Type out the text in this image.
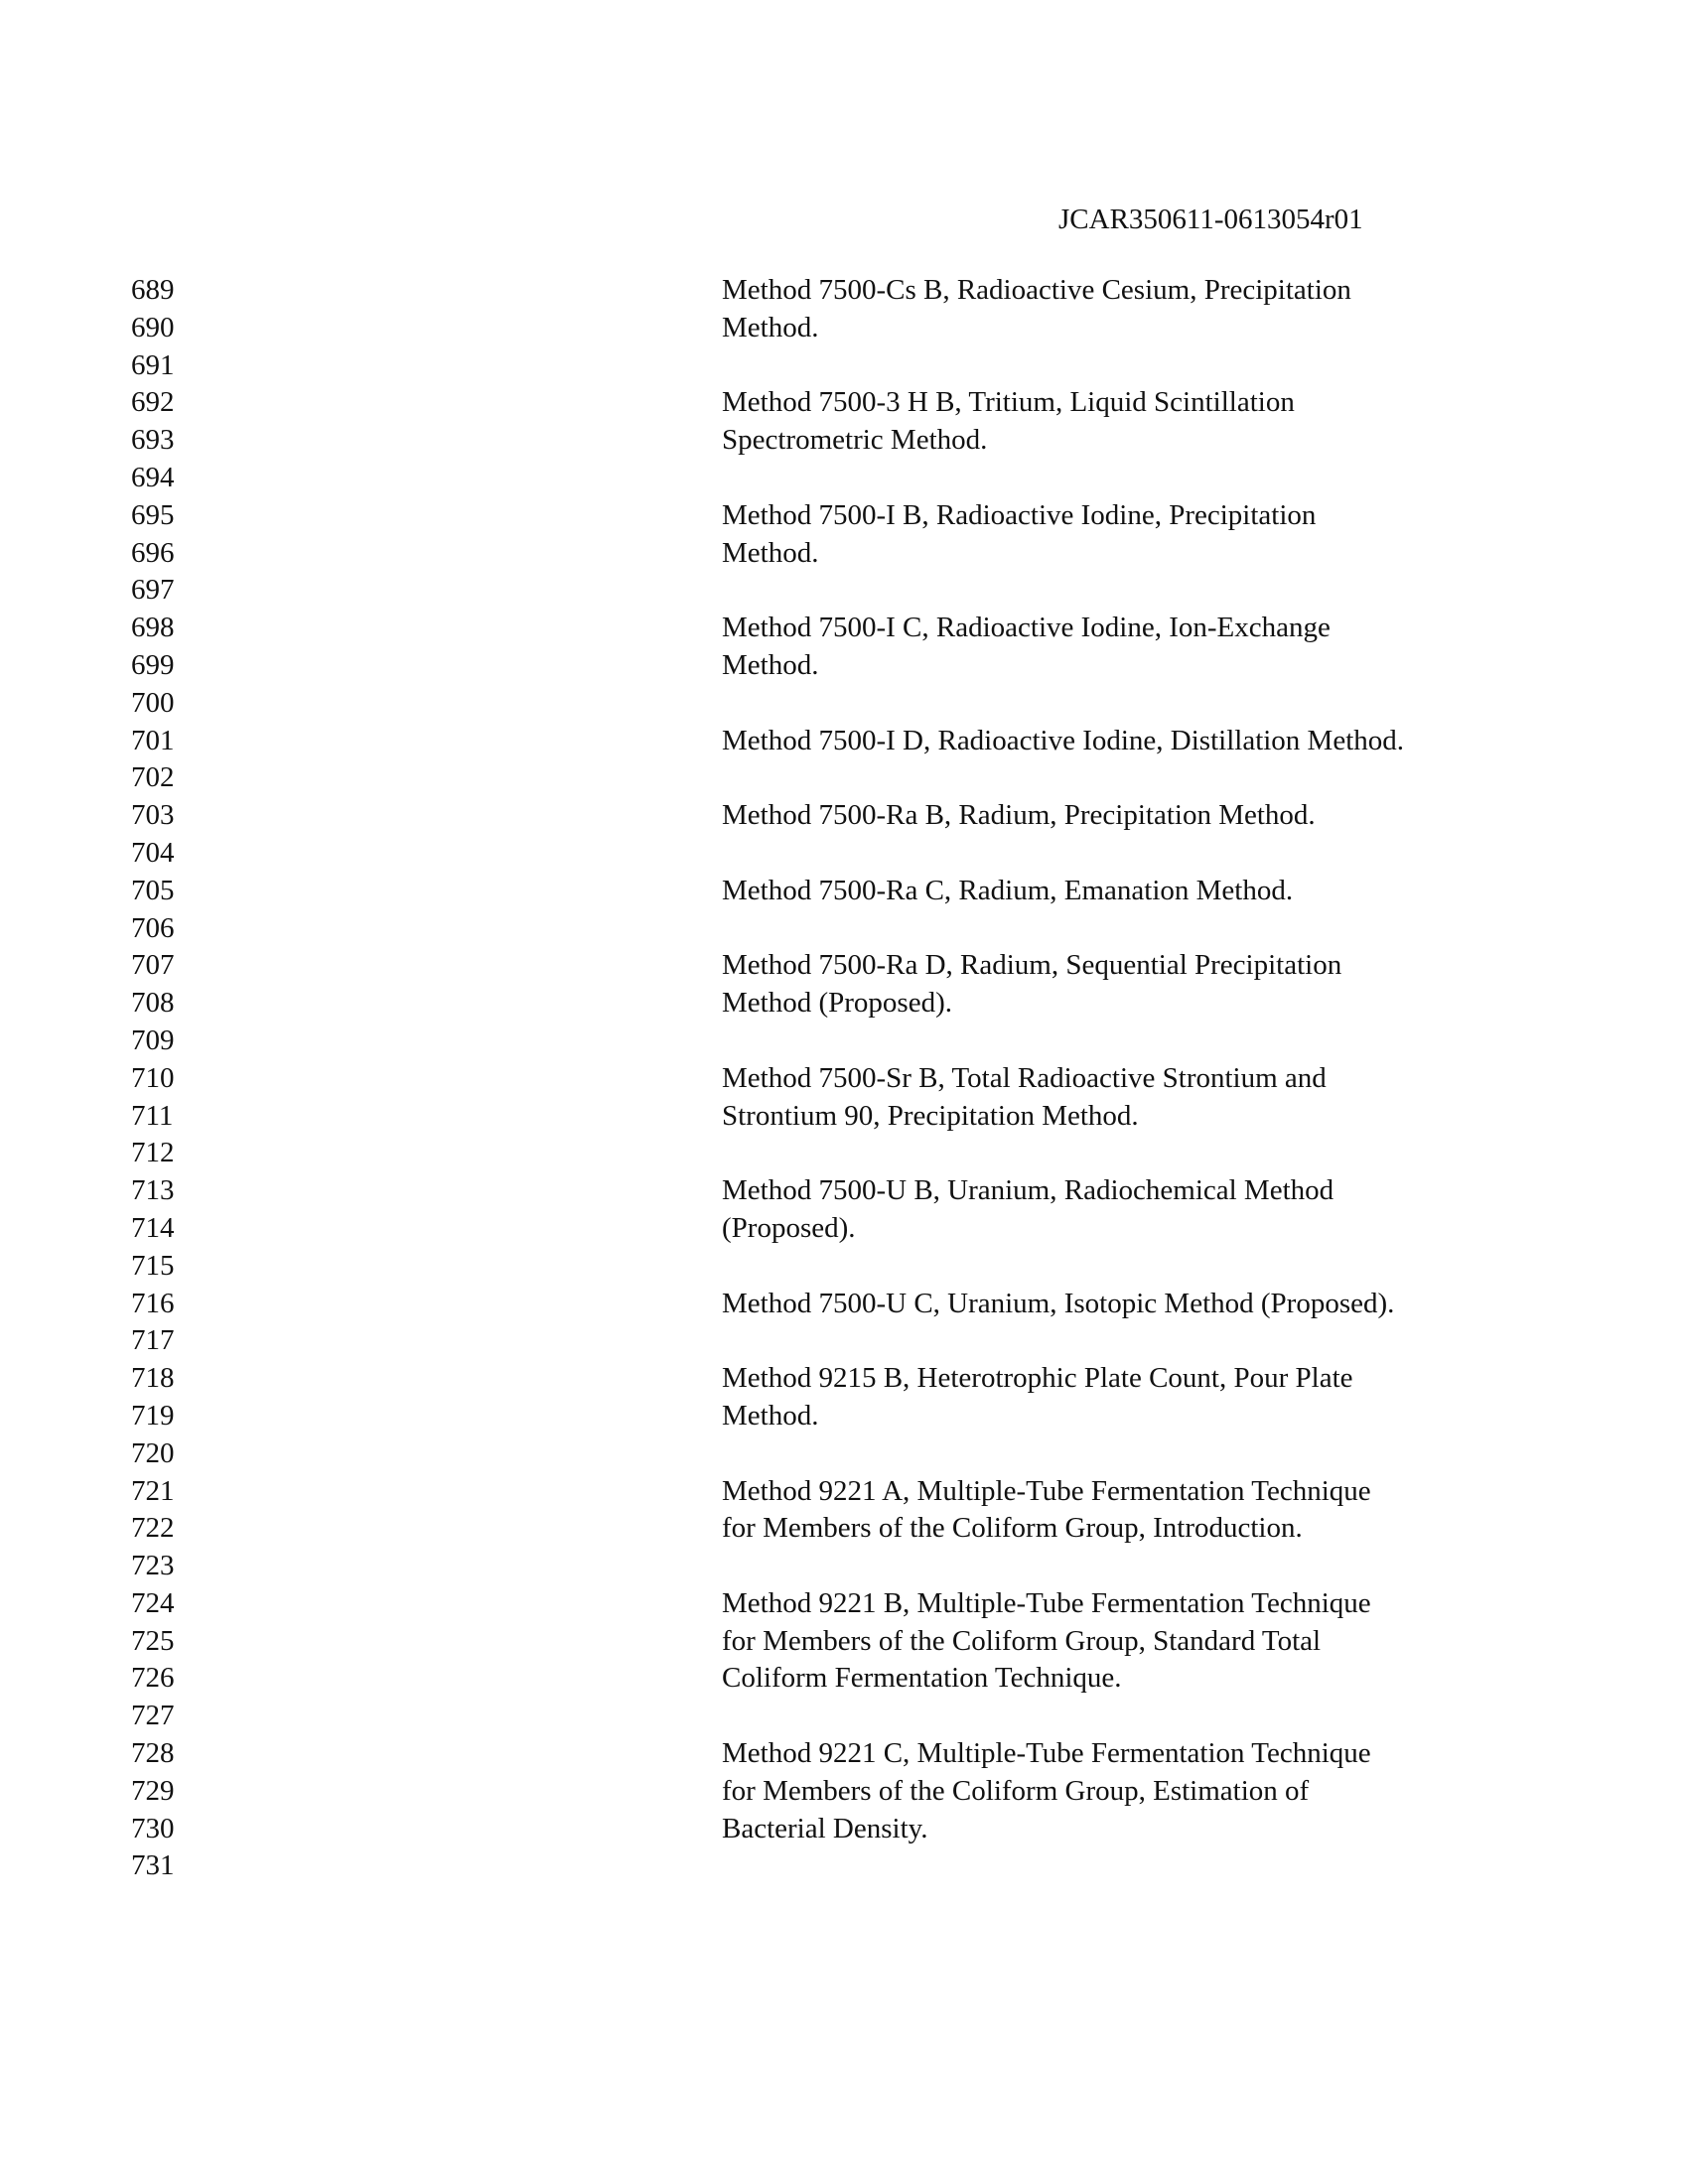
JCAR350611-0613054r01
689
690
691
692
693
694
695
696
697
698
699
700
701
702
703
704
705
706
707
708
709
710
711
712
713
714
715
716
717
718
719
720
721
722
723
724
725
726
727
728
729
730
731
Method 7500-Cs B, Radioactive Cesium, Precipitation
Method.
Method 7500-3 H B, Tritium, Liquid Scintillation
Spectrometric Method.
Method 7500-I B, Radioactive Iodine, Precipitation
Method.
Method 7500-I C, Radioactive Iodine, Ion-Exchange
Method.
Method 7500-I D, Radioactive Iodine, Distillation Method.
Method 7500-Ra B, Radium, Precipitation Method.
Method 7500-Ra C, Radium, Emanation Method.
Method 7500-Ra D, Radium, Sequential Precipitation
Method (Proposed).
Method 7500-Sr B, Total Radioactive Strontium and
Strontium 90, Precipitation Method.
Method 7500-U B, Uranium, Radiochemical Method
(Proposed).
Method 7500-U C, Uranium, Isotopic Method (Proposed).
Method 9215 B, Heterotrophic Plate Count, Pour Plate
Method.
Method 9221 A, Multiple-Tube Fermentation Technique
for Members of the Coliform Group, Introduction.
Method 9221 B, Multiple-Tube Fermentation Technique
for Members of the Coliform Group, Standard Total
Coliform Fermentation Technique.
Method 9221 C, Multiple-Tube Fermentation Technique
for Members of the Coliform Group, Estimation of
Bacterial Density.
